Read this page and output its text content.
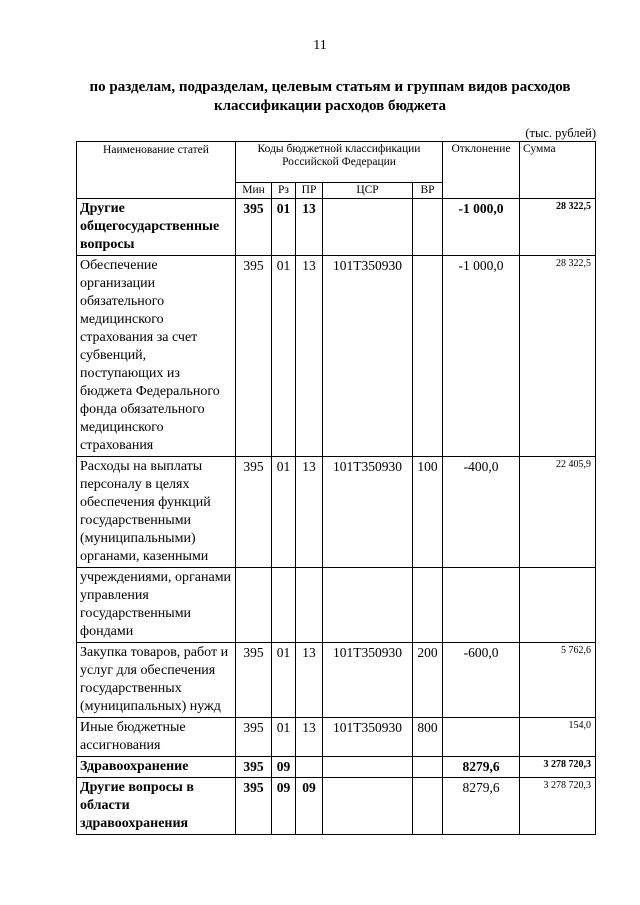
11
по разделам, подразделам, целевым статьям и группам видов расходов
классификации расходов бюджета
(тыс. рублей)
Наименование статей	Коды бюджетной классификации Российской Федерации					Отклонение	Сумма
	Мин	Рз	ПР	ЦСР	ВР		
Другие общегосударственные вопросы	395	01	13			-1 000,0	28 322,5
Обеспечение организации обязательного медицинского страхования за счет субвенций, поступающих из бюджета Федерального фонда обязательного медицинского страхования	395	01	13	101Т350930		-1 000,0	28 322,5
Расходы на выплаты персоналу в целях обеспечения функций государственными (муниципальными) органами, казенными	395	01	13	101Т350930	100	-400,0	22 405,9
учреждениями, органами управления государственными фондами							
Закупка товаров, работ и услуг для обеспечения государственных (муниципальных) нужд	395	01	13	101Т350930	200	-600,0	5 762,6
Иные бюджетные ассигнования	395	01	13	101Т350930	800		154,0
Здравоохранение	395	09				8279,6	3 278 720,3
Другие вопросы в области здравоохранения	395	09	09			8279,6	3 278 720,3
